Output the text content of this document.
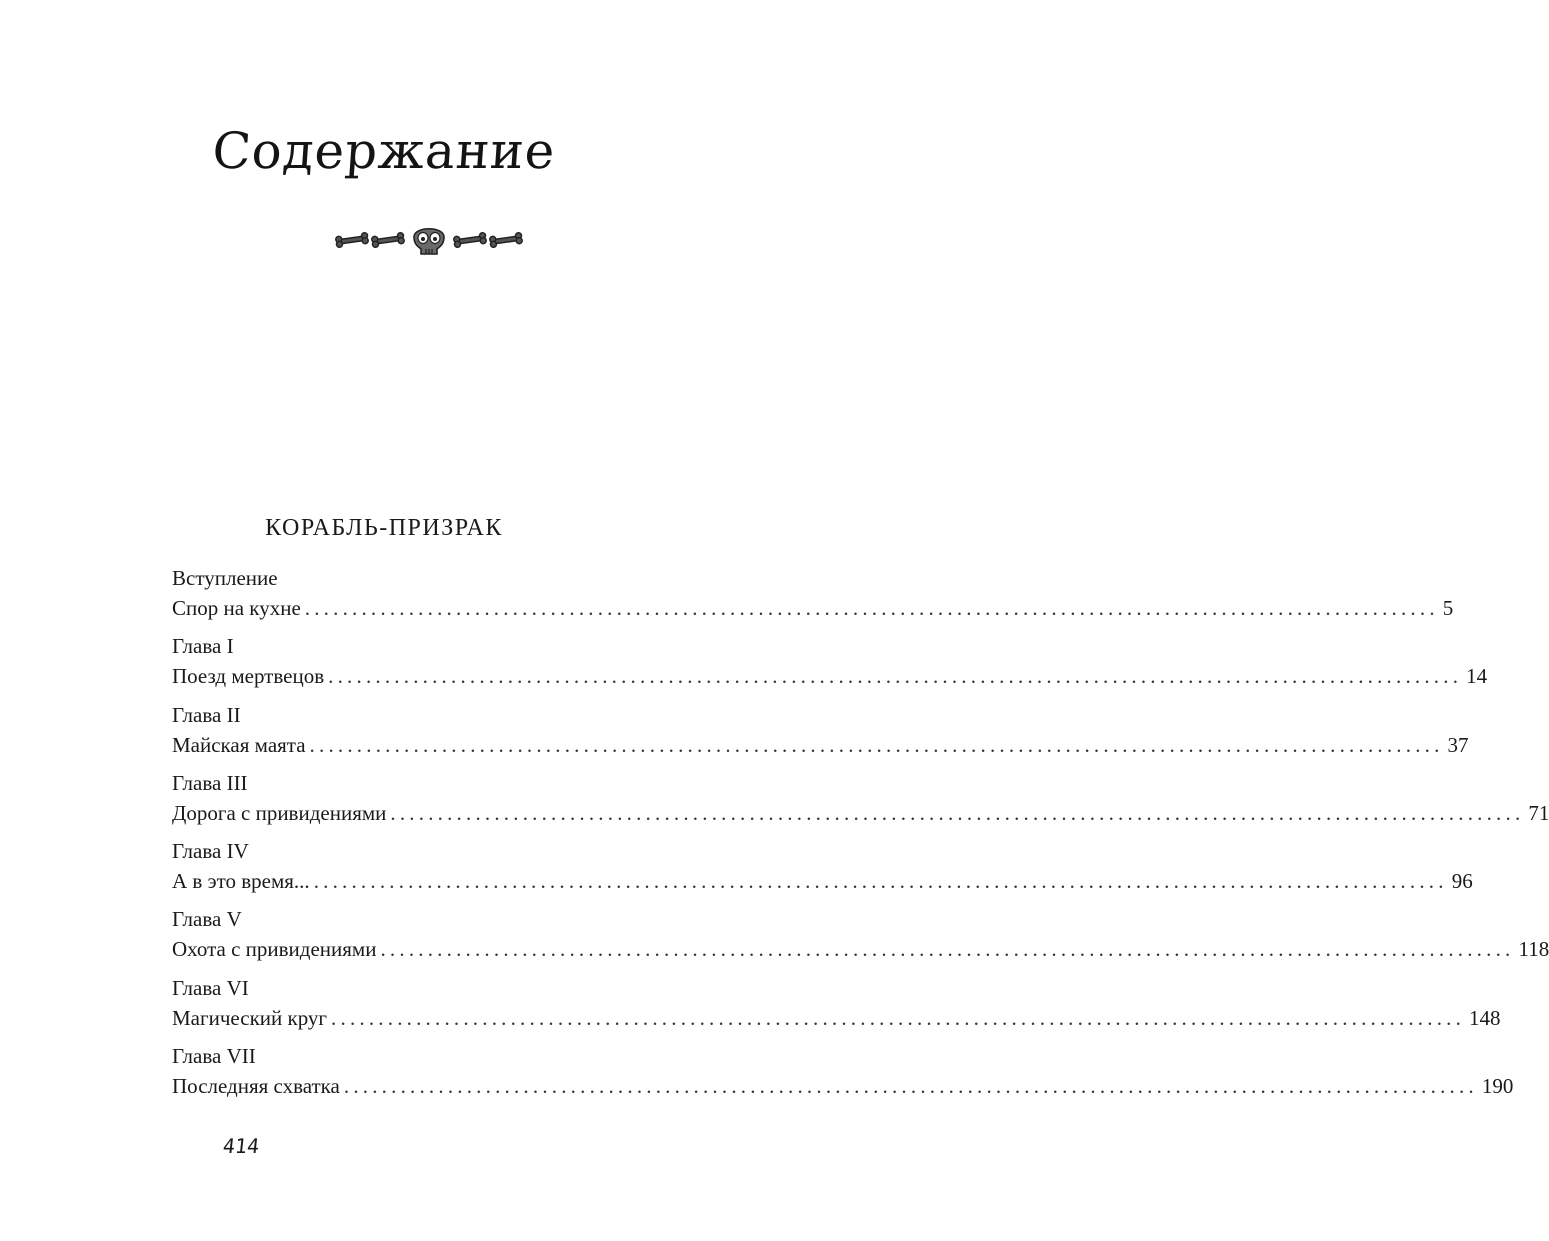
Содержание
КОРАБЛЬ-ПРИЗРАК
Вступление
Спор на кухне ........................................................................................................................ 5
Глава I
Поезд мертвецов ........................................................................................................................ 14
Глава II
Майская маята ........................................................................................................................ 37
Глава III
Дорога с привидениями ........................................................................................................................ 71
Глава IV
А в это время... ........................................................................................................................ 96
Глава V
Охота с привидениями ........................................................................................................................ 118
Глава VI
Магический круг ........................................................................................................................ 148
Глава VII
Последняя схватка ........................................................................................................................ 190
414
